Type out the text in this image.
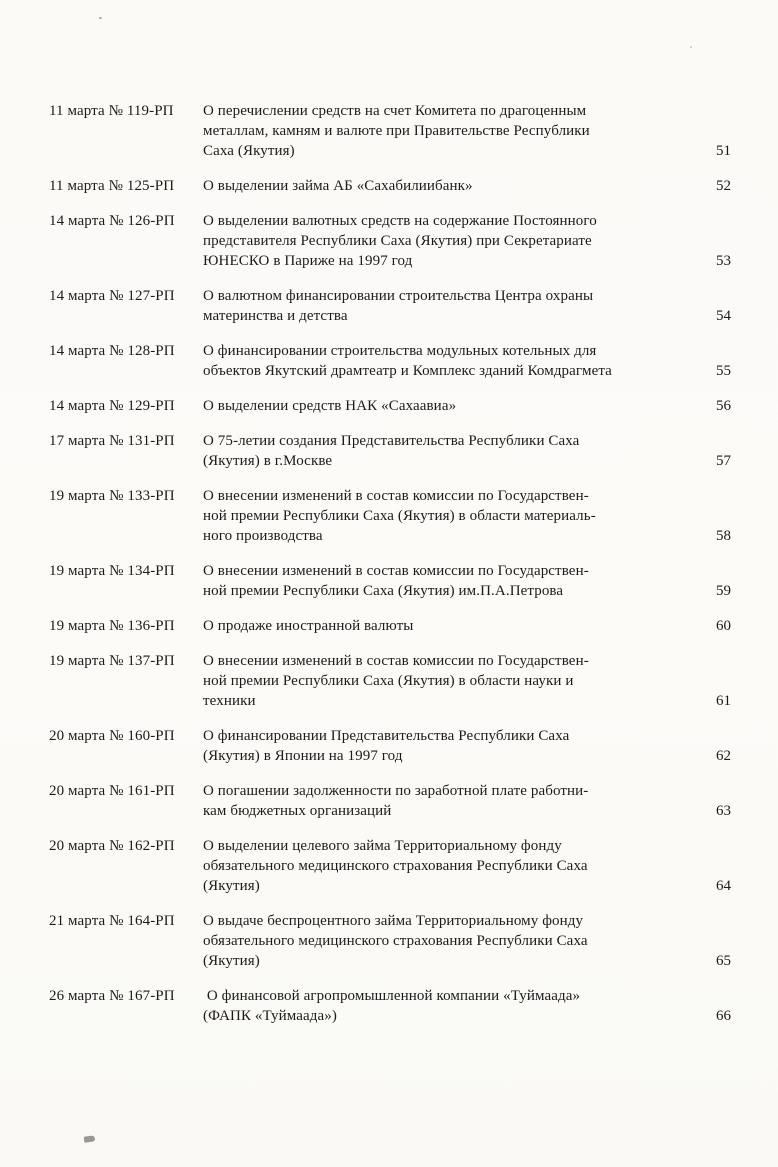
11 марта № 119-РП	О перечислении средств на счет Комитета по драгоценным
металлам, камням и валюте при Правительстве Республики
Саха (Якутия)	51
11 марта № 125-РП	О выделении займа АБ «Сахабилиибанк»	52
14 марта № 126-РП	О выделении валютных средств на содержание Постоянного
представителя Республики Саха (Якутия) при Секретариате
ЮНЕСКО в Париже на 1997 год	53
14 марта № 127-РП	О валютном финансировании строительства Центра охраны
материнства и детства	54
14 марта № 128-РП	О финансировании строительства модульных котельных для
объектов Якутский драмтеатр и Комплекс зданий Комдрагмета	55
14 марта № 129-РП	О выделении средств НАК «Сахаавиа»	56
17 марта № 131-РП	О 75-летии создания Представительства Республики Саха
(Якутия) в г.Москве	57
19 марта № 133-РП	О внесении изменений в состав комиссии по Государствен-
ной премии Республики Саха (Якутия) в области материаль-
ного производства	58
19 марта № 134-РП	О внесении изменений в состав комиссии по Государствен-
ной премии Республики Саха (Якутия) им.П.А.Петрова	59
19 марта № 136-РП	О продаже иностранной валюты	60
19 марта № 137-РП	О внесении изменений в состав комиссии по Государствен-
ной премии Республики Саха (Якутия) в области науки и
техники	61
20 марта № 160-РП	О финансировании Представительства Республики Саха
(Якутия) в Японии на 1997 год	62
20 марта № 161-РП	О погашении задолженности по заработной плате работни-
кам бюджетных организаций	63
20 марта № 162-РП	О выделении целевого займа Территориальному фонду
обязательного медицинского страхования Республики Саха
(Якутия)	64
21 марта № 164-РП	О выдаче беспроцентного займа Территориальному фонду
обязательного медицинского страхования Республики Саха
(Якутия)	65
26 марта № 167-РП	О финансовой агропромышленной компании «Туймаада»
(ФАПК «Туймаада»)	66
